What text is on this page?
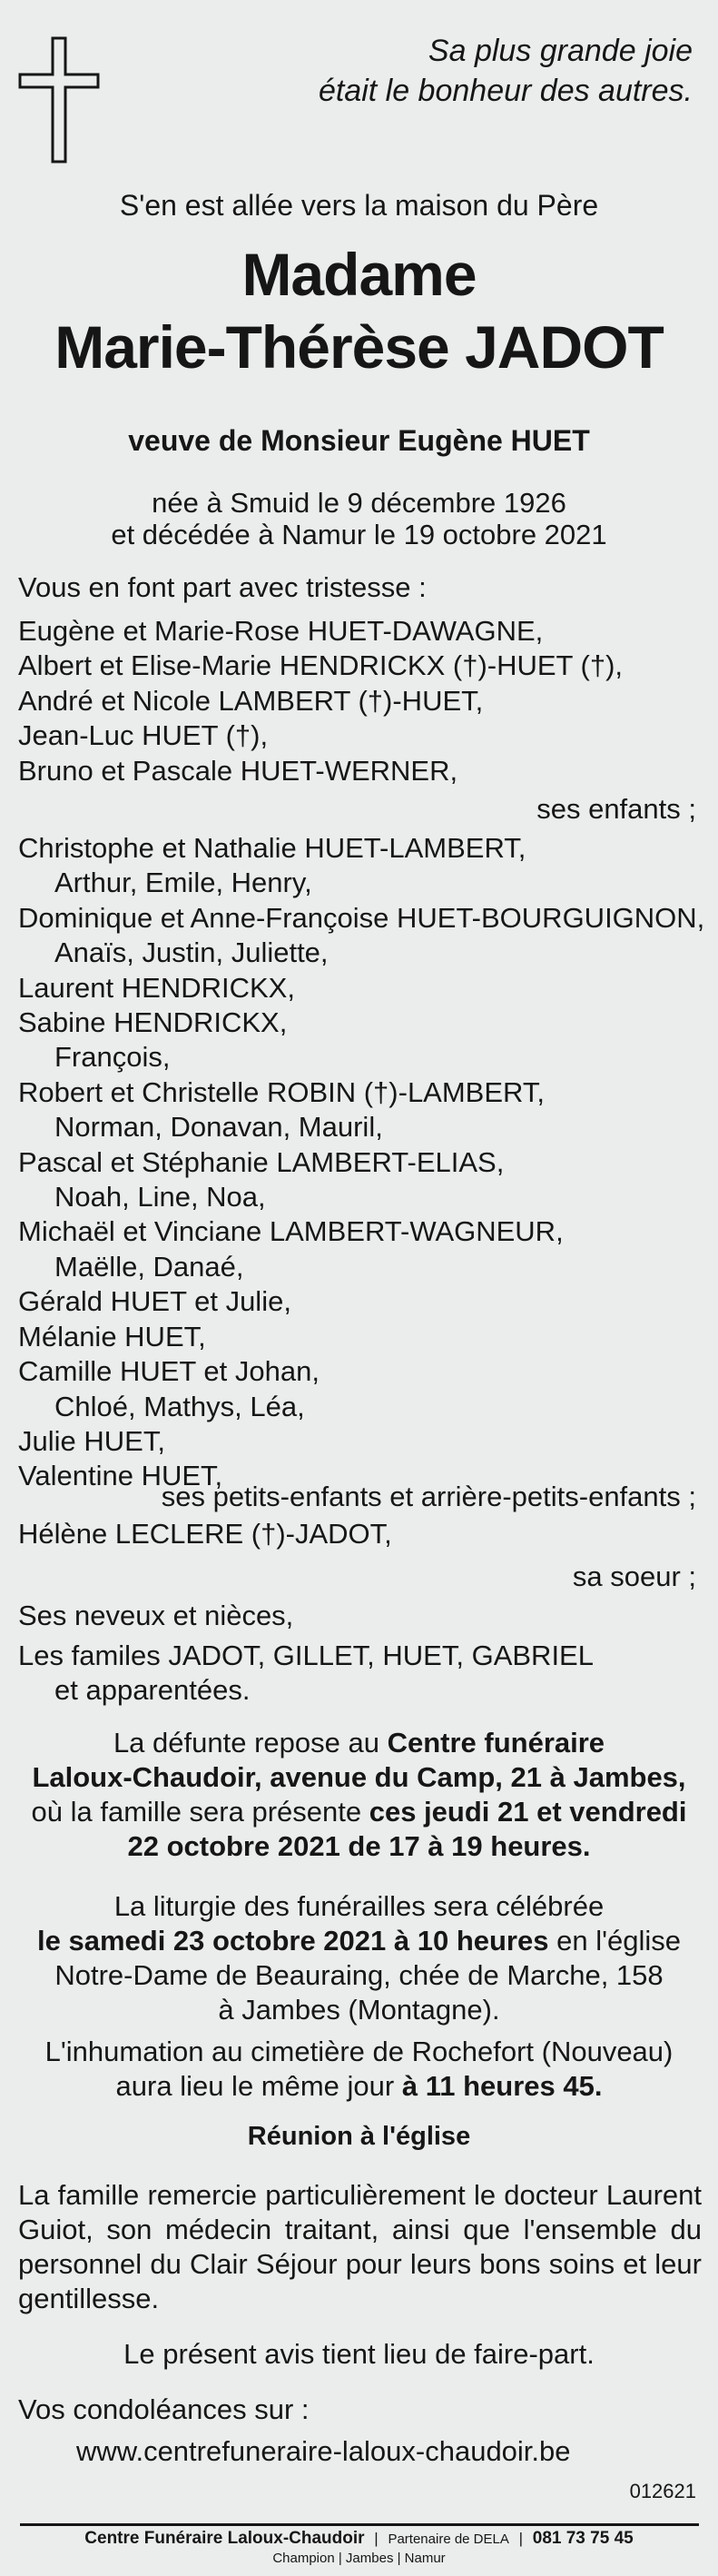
Sa plus grande joie
était le bonheur des autres.
S'en est allée vers la maison du Père
Madame
Marie-Thérèse JADOT
veuve de Monsieur Eugène HUET
née à Smuid le 9 décembre 1926
et décédée à Namur le 19 octobre 2021
Vous en font part avec tristesse :
Eugène et Marie-Rose HUET-DAWAGNE,
Albert et Elise-Marie HENDRICKX (†)-HUET (†),
André et Nicole LAMBERT (†)-HUET,
Jean-Luc HUET (†),
Bruno et Pascale HUET-WERNER,
ses enfants ;
Christophe et Nathalie HUET-LAMBERT,
Arthur, Emile, Henry,
Dominique et Anne-Françoise HUET-BOURGUIGNON,
Anaïs, Justin, Juliette,
Laurent HENDRICKX,
Sabine HENDRICKX,
François,
Robert et Christelle ROBIN (†)-LAMBERT,
Norman, Donavan, Mauril,
Pascal et Stéphanie LAMBERT-ELIAS,
Noah, Line, Noa,
Michaël et Vinciane LAMBERT-WAGNEUR,
Maëlle, Danaé,
Gérald HUET et Julie,
Mélanie HUET,
Camille HUET et Johan,
Chloé, Mathys, Léa,
Julie HUET,
Valentine HUET,
ses petits-enfants et arrière-petits-enfants ;
Hélène LECLERE (†)-JADOT,
sa soeur ;
Ses neveux et nièces,
Les familes JADOT, GILLET, HUET, GABRIEL
et apparentées.
La défunte repose au Centre funéraire
Laloux-Chaudoir, avenue du Camp, 21 à Jambes,
où la famille sera présente ces jeudi 21 et vendredi
22 octobre 2021 de 17 à 19 heures.
La liturgie des funérailles sera célébrée
le samedi 23 octobre 2021 à 10 heures en l'église
Notre-Dame de Beauraing, chée de Marche, 158
à Jambes (Montagne).
L'inhumation au cimetière de Rochefort (Nouveau)
aura lieu le même jour à 11 heures 45.
Réunion à l'église
La famille remercie particulièrement le docteur Laurent Guiot, son médecin traitant, ainsi que l'ensemble du personnel du Clair Séjour pour leurs bons soins et leur gentillesse.
Le présent avis tient lieu de faire-part.
Vos condoléances sur :
www.centrefuneraire-laloux-chaudoir.be
012621
Centre Funéraire Laloux-Chaudoir | Partenaire de DELA | 081 73 75 45
Champion | Jambes | Namur
